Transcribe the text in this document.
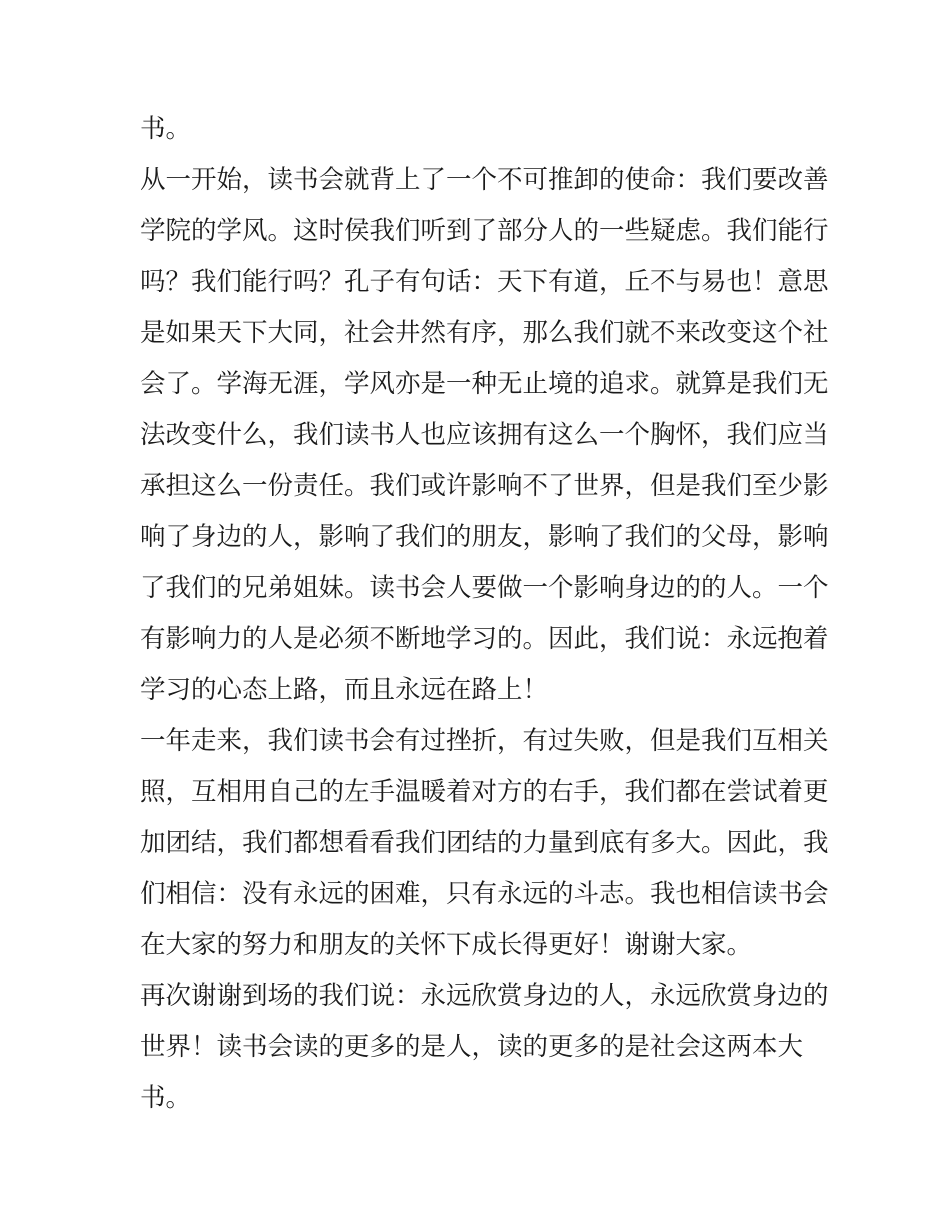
书。
从一开始，读书会就背上了一个不可推卸的使命：我们要改善
学院的学风。这时侯我们听到了部分人的一些疑虑。我们能行
吗？我们能行吗？孔子有句话：天下有道，丘不与易也！意思
是如果天下大同，社会井然有序，那么我们就不来改变这个社
会了。学海无涯，学风亦是一种无止境的追求。就算是我们无
法改变什么，我们读书人也应该拥有这么一个胸怀，我们应当
承担这么一份责任。我们或许影响不了世界，但是我们至少影
响了身边的人，影响了我们的朋友，影响了我们的父母，影响
了我们的兄弟姐妹。读书会人要做一个影响身边的的人。一个
有影响力的人是必须不断地学习的。因此，我们说：永远抱着
学习的心态上路，而且永远在路上！
一年走来，我们读书会有过挫折，有过失败，但是我们互相关
照，互相用自己的左手温暖着对方的右手，我们都在尝试着更
加团结，我们都想看看我们团结的力量到底有多大。因此，我
们相信：没有永远的困难，只有永远的斗志。我也相信读书会
在大家的努力和朋友的关怀下成长得更好！谢谢大家。
再次谢谢到场的我们说：永远欣赏身边的人，永远欣赏身边的
世界！读书会读的更多的是人，读的更多的是社会这两本大
书。
